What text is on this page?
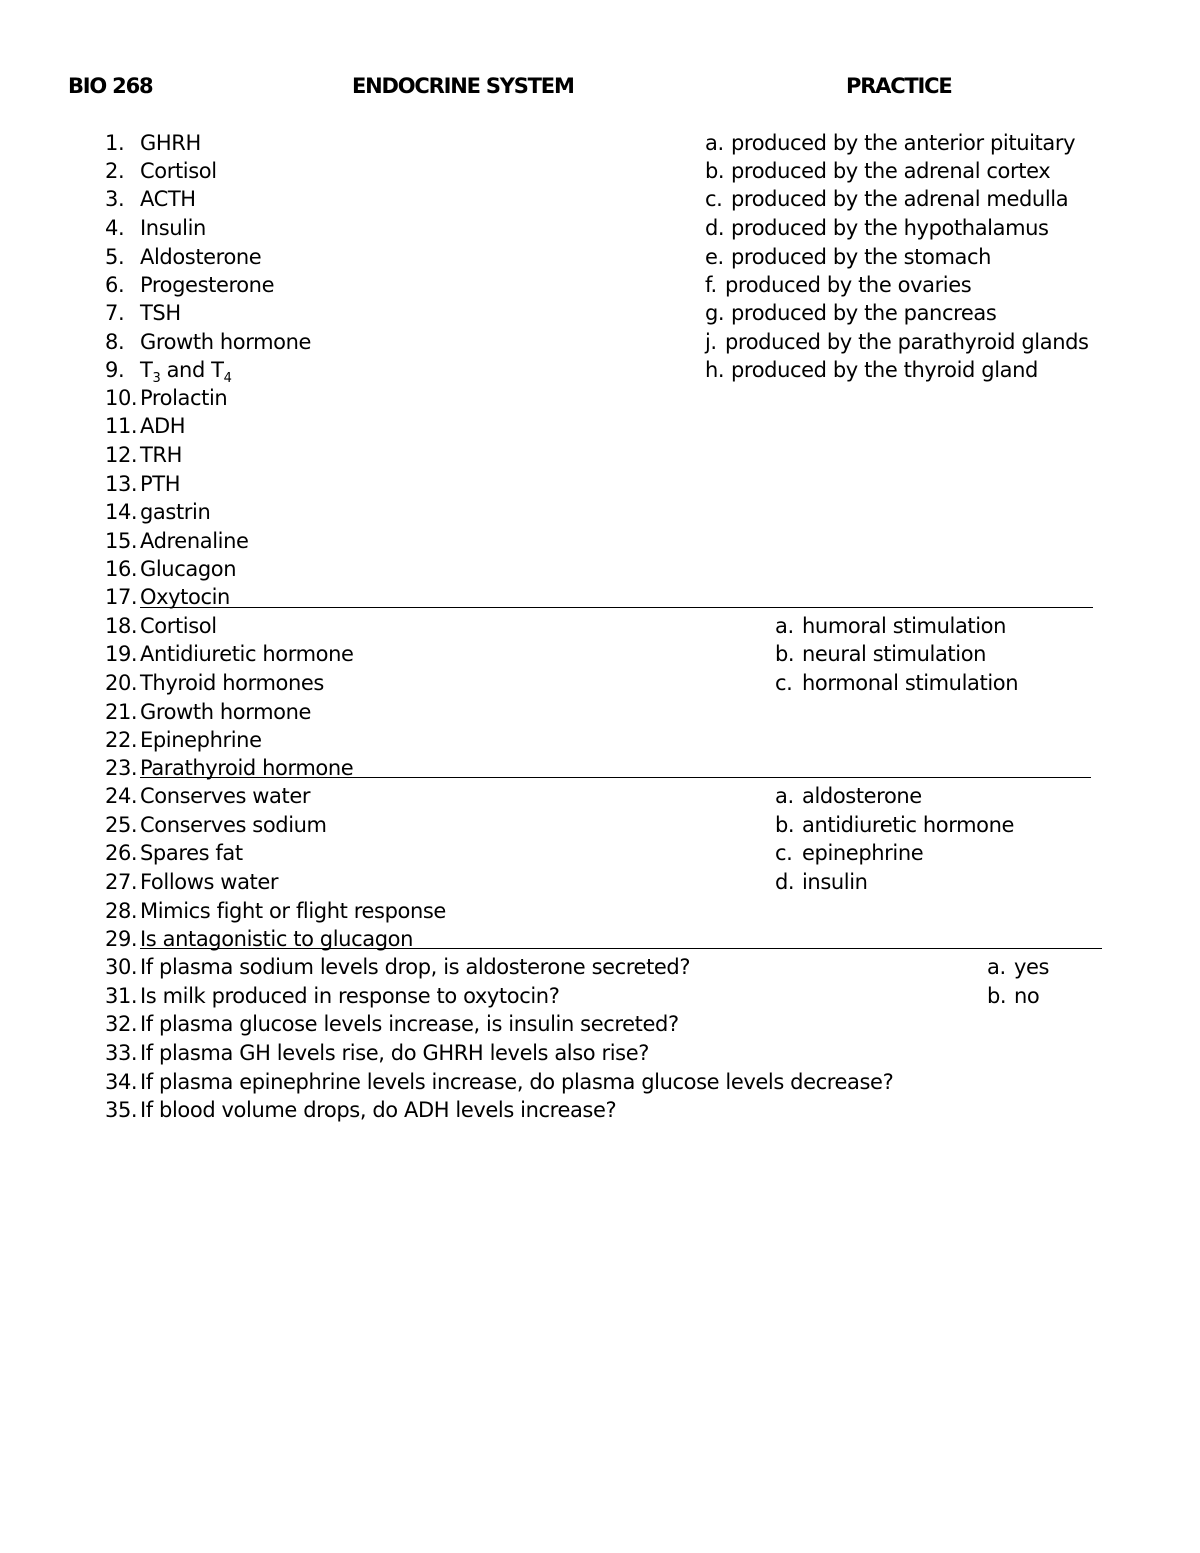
BIO 268	ENDOCRINE SYSTEM	PRACTICE
1. GHRH
2. Cortisol
3. ACTH
4. Insulin
5. Aldosterone
6. Progesterone
7. TSH
8. Growth hormone
9. $T_3$ and $T_4$
10. Prolactin
11. ADH
12. TRH
13. PTH
14. gastrin
15. Adrenaline
16. Glucagon
17. Oxytocin
a. produced by the anterior pituitary
b. produced by the adrenal cortex
c. produced by the adrenal medulla
d. produced by the hypothalamus
e. produced by the stomach
f. produced by the ovaries
g. produced by the pancreas
j. produced by the parathyroid glands
h. produced by the thyroid gland
18. Cortisol
19. Antidiuretic hormone
20. Thyroid hormones
21. Growth hormone
22. Epinephrine
23. Parathyroid hormone
a. humoral stimulation
b. neural stimulation
c. hormonal stimulation
24. Conserves water
25. Conserves sodium
26. Spares fat
27. Follows water
28. Mimics fight or flight response
29. Is antagonistic to glucagon
a. aldosterone
b. antidiuretic hormone
c. epinephrine
d. insulin
30. If plasma sodium levels drop, is aldosterone secreted?
31. Is milk produced in response to oxytocin?
32. If plasma glucose levels increase, is insulin secreted?
33. If plasma GH levels rise, do GHRH levels also rise?
34. If plasma epinephrine levels increase, do plasma glucose levels decrease?
35. If blood volume drops, do ADH levels increase?
a. yes
b. no
